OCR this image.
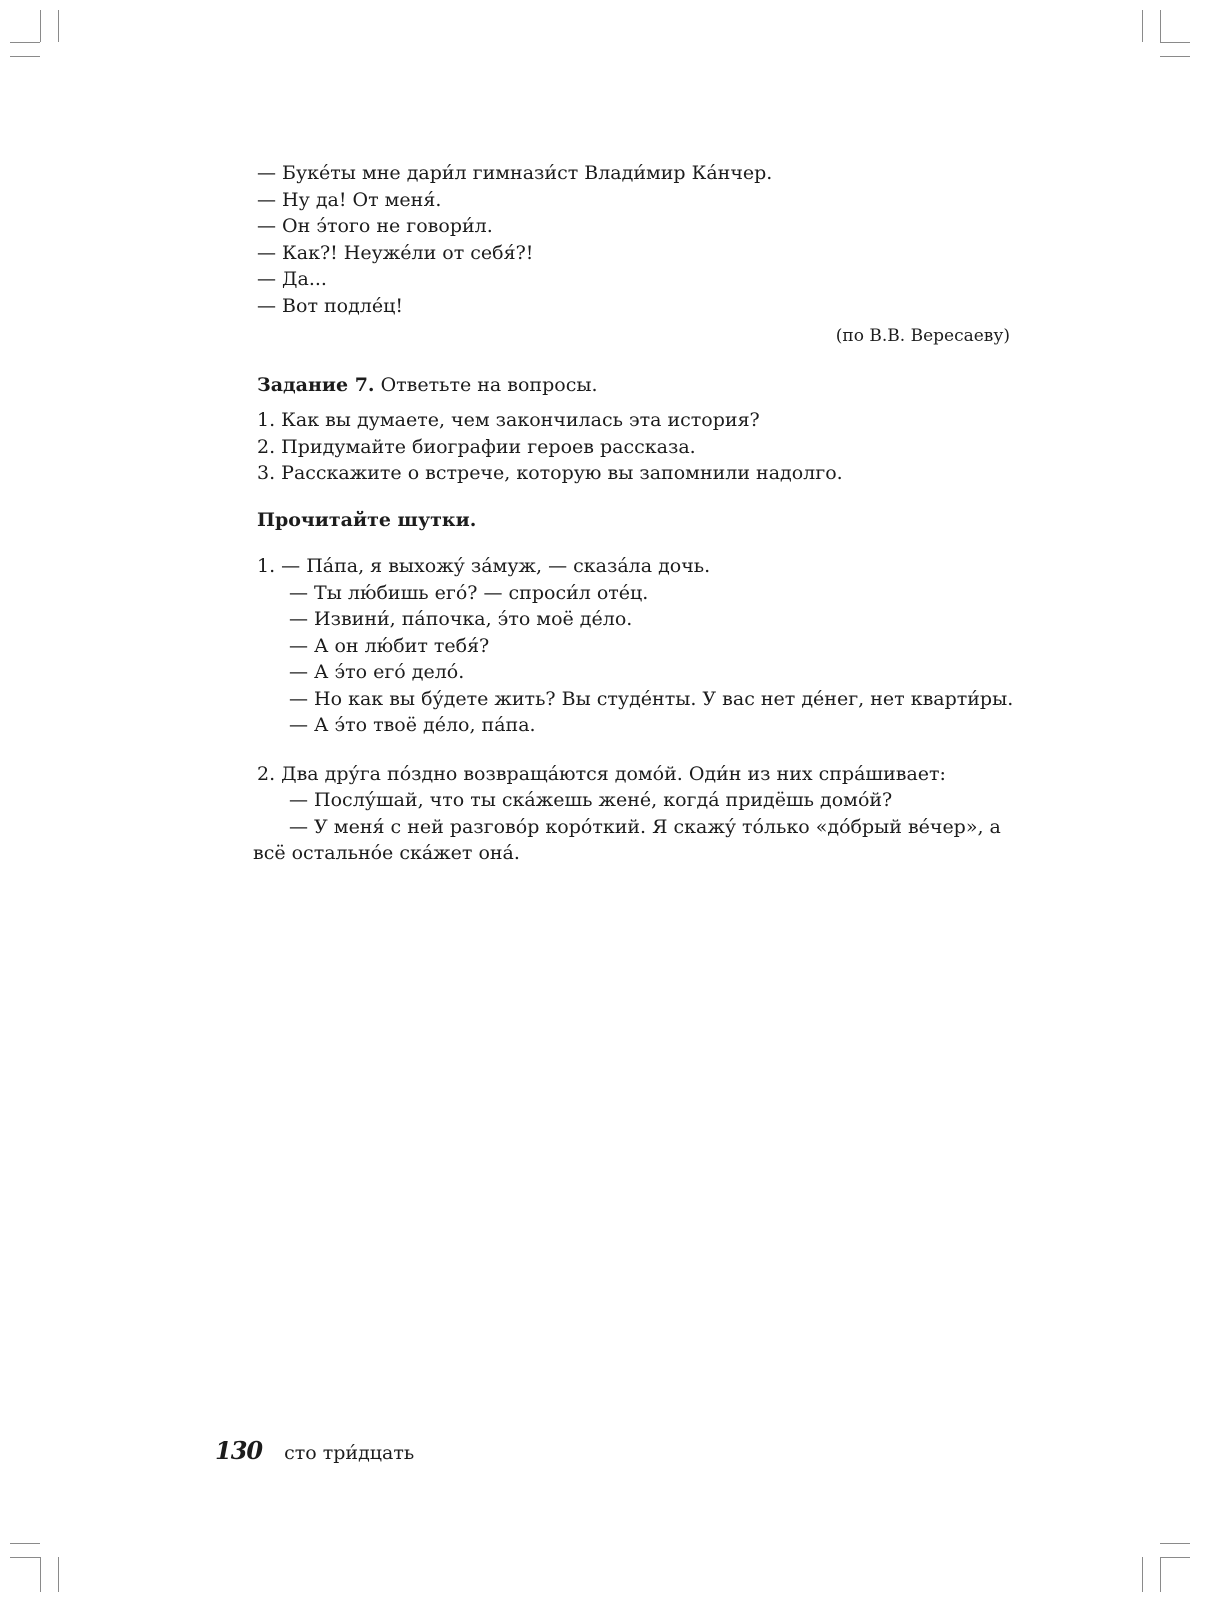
— Буке́ты мне дари́л гимнази́ст Влади́мир Ка́нчер.
— Ну да! От меня́.
— Он э́того не говори́л.
— Как?! Неуже́ли от себя́?!
— Да...
— Вот подле́ц!
(по В.В. Вересаеву)
Задание 7. Ответьте на вопросы.
1. Как вы думаете, чем закончилась эта история?
2. Придумайте биографии героев рассказа.
3. Расскажите о встрече, которую вы запомнили надолго.
Прочитайте шутки.
1. — Па́па, я выхожу́ за́муж, — сказа́ла дочь.
— Ты лю́бишь его́? — спроси́л оте́ц.
— Извини́, па́почка, э́то моё де́ло.
— А он лю́бит тебя́?
— А э́то его́ дело́.
— Но как вы бу́дете жить? Вы студе́нты. У вас нет де́нег, нет кварти́ры.
— А э́то твоё де́ло, па́па.
2. Два дру́га по́здно возвраща́ются домо́й. Оди́н из них спра́шивает:
— Послу́шай, что ты ска́жешь жене́, когда́ придёшь домо́й?
— У меня́ с ней разгово́р коро́ткий. Я скажу́ то́лько «до́брый ве́чер», а
всё остально́е ска́жет она́.
130 сто три́дцать
